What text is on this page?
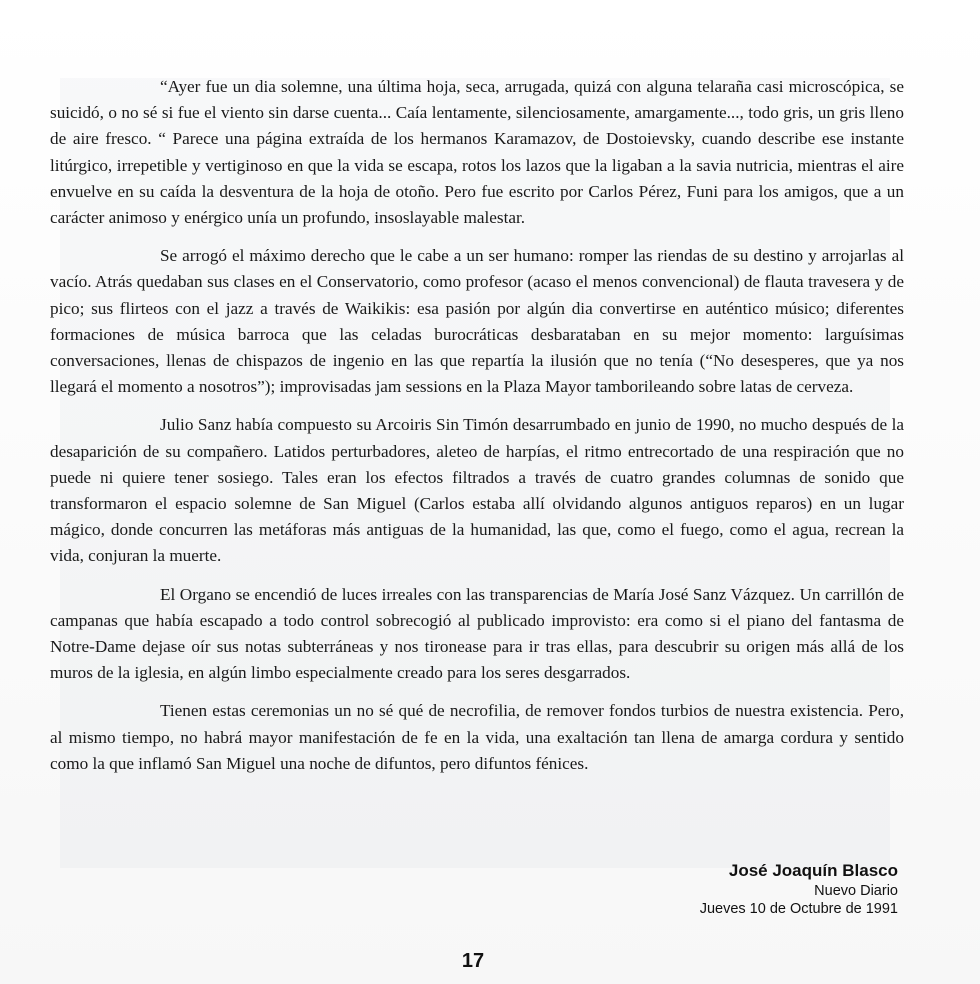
“Ayer fue un dia solemne, una última hoja, seca, arrugada, quizá con alguna telaraña casi microscópica, se suicidó, o no sé si fue el viento sin darse cuenta... Caía lentamente, silenciosamente, amargamente..., todo gris, un gris lleno de aire fresco. “ Parece una página extraída de los hermanos Karamazov, de Dostoievsky, cuando describe ese instante litúrgico, irrepetible y vertiginoso en que la vida se escapa, rotos los lazos que la ligaban a la savia nutricia, mientras el aire envuelve en su caída la desventura de la hoja de otoño. Pero fue escrito por Carlos Pérez, Funi para los amigos, que a un carácter animoso y enérgico unía un profundo, insoslayable malestar.

Se arrogó el máximo derecho que le cabe a un ser humano: romper las riendas de su destino y arrojarlas al vacío. Atrás quedaban sus clases en el Conservatorio, como profesor (acaso el menos convencional) de flauta travesera y de pico; sus flirteos con el jazz a través de Waikikis: esa pasión por algún dia convertirse en auténtico músico; diferentes formaciones de música barroca que las celadas burocráticas desbarataban en su mejor momento: larguísimas conversaciones, llenas de chispazos de ingenio en las que repartía la ilusión que no tenía (“No desesperes, que ya nos llegará el momento a nosotros”); improvisadas jam sessions en la Plaza Mayor tamborileando sobre latas de cerveza.

Julio Sanz había compuesto su Arcoiris Sin Timón desarrumbado en junio de 1990, no mucho después de la desaparición de su compañero. Latidos perturbadores, aleteo de harpías, el ritmo entrecortado de una respiración que no puede ni quiere tener sosiego. Tales eran los efectos filtrados a través de cuatro grandes columnas de sonido que transformaron el espacio solemne de San Miguel (Carlos estaba allí olvidando algunos antiguos reparos) en un lugar mágico, donde concurren las metáforas más antiguas de la humanidad, las que, como el fuego, como el agua, recrean la vida, conjuran la muerte.

El Organo se encendió de luces irreales con las transparencias de María José Sanz Vázquez. Un carrillón de campanas que había escapado a todo control sobrecogió al publicado improvisto: era como si el piano del fantasma de Notre-Dame dejase oír sus notas subterráneas y nos tironease para ir tras ellas, para descubrir su origen más allá de los muros de la iglesia, en algún limbo especialmente creado para los seres desgarrados.

Tienen estas ceremonias un no sé qué de necrofilia, de remover fondos turbios de nuestra existencia. Pero, al mismo tiempo, no habrá mayor manifestación de fe en la vida, una exaltación tan llena de amarga cordura y sentido como la que inflamó San Miguel una noche de difuntos, pero difuntos fénices.

José Joaquín Blasco
Nuevo Diario
Jueves 10 de Octubre de 1991
17
